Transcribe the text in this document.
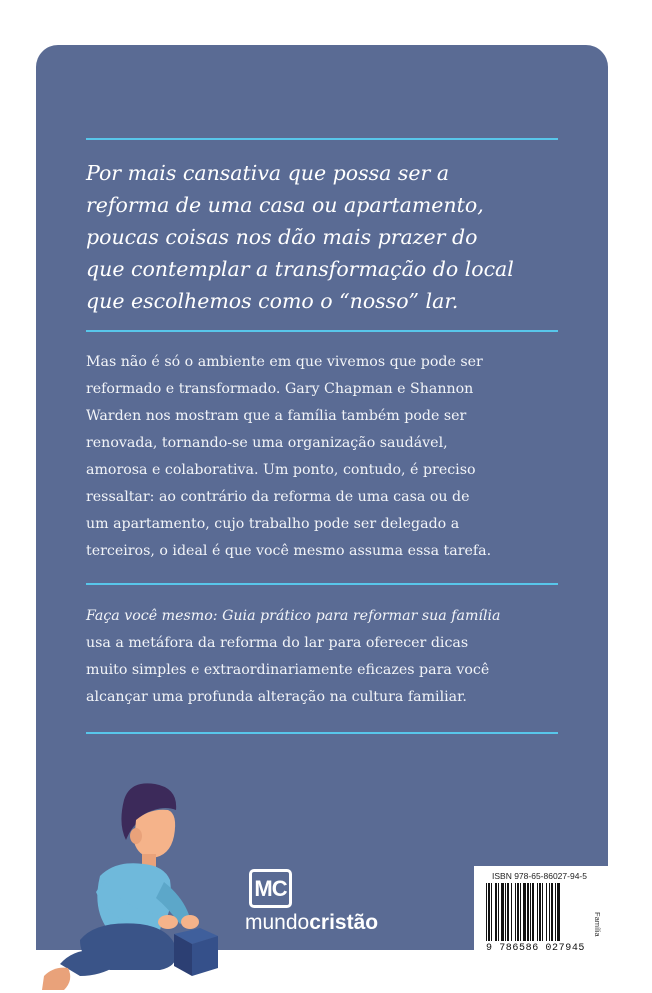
Por mais cansativa que possa ser a
reforma de uma casa ou apartamento,
poucas coisas nos dão mais prazer do
que contemplar a transformação do local
que escolhemos como o “nosso” lar.

Mas não é só o ambiente em que vivemos que pode ser
reformado e transformado. Gary Chapman e Shannon
Warden nos mostram que a família também pode ser
renovada, tornando-se uma organização saudável,
amorosa e colaborativa. Um ponto, contudo, é preciso
ressaltar: ao contrário da reforma de uma casa ou de
um apartamento, cujo trabalho pode ser delegado a
terceiros, o ideal é que você mesmo assuma essa tarefa.

Faça você mesmo: Guia prático para reformar sua família
usa a metáfora da reforma do lar para oferecer dicas
muito simples e extraordinariamente eficazes para você
alcançar uma profunda alteração na cultura familiar.

MC
mundocristão
ISBN 978-65-86027-94-5
9 786586 027945
Família
